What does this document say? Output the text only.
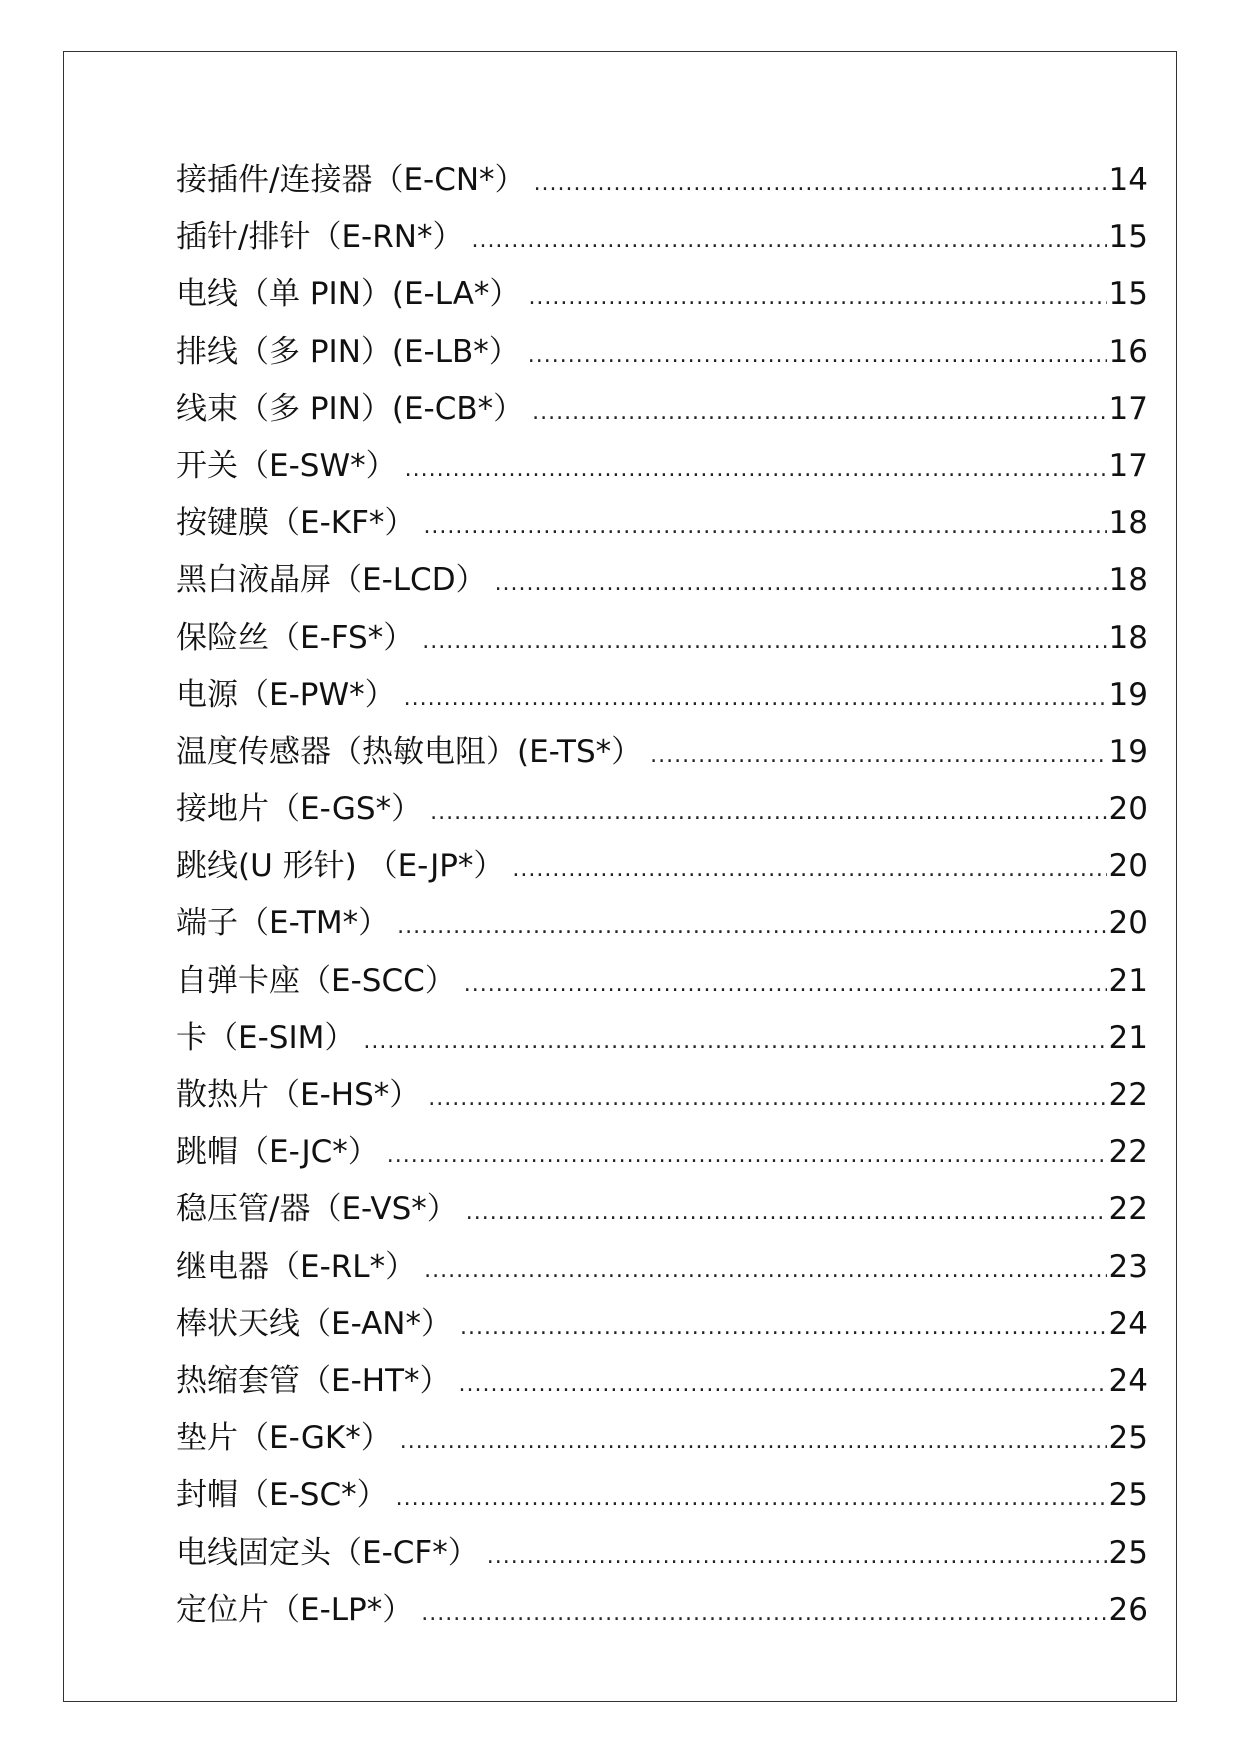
接插件/连接器（E-CN*） .....	14
插针/排针（E-RN*） .....	15
电线（单 PIN）(E-LA*） .....	15
排线（多 PIN）(E-LB*） .....	16
线束（多 PIN）(E-CB*） .....	17
开关（E-SW*） .....	17
按键膜（E-KF*） .....	18
黑白液晶屏（E-LCD） .....	18
保险丝（E-FS*） .....	18
电源（E-PW*） .....	19
温度传感器（热敏电阻）(E-TS*） .....	19
接地片（E-GS*） .....	20
跳线(U 形针) （E-JP*） .....	20
端子（E-TM*） .....	20
自弹卡座（E-SCC） .....	21
卡（E-SIM） .....	21
散热片（E-HS*） .....	22
跳帽（E-JC*） .....	22
稳压管/器（E-VS*） .....	22
继电器（E-RL*） .....	23
棒状天线（E-AN*） .....	24
热缩套管（E-HT*） .....	24
垫片（E-GK*） .....	25
封帽（E-SC*） .....	25
电线固定头（E-CF*） .....	25
定位片（E-LP*） .....	26
